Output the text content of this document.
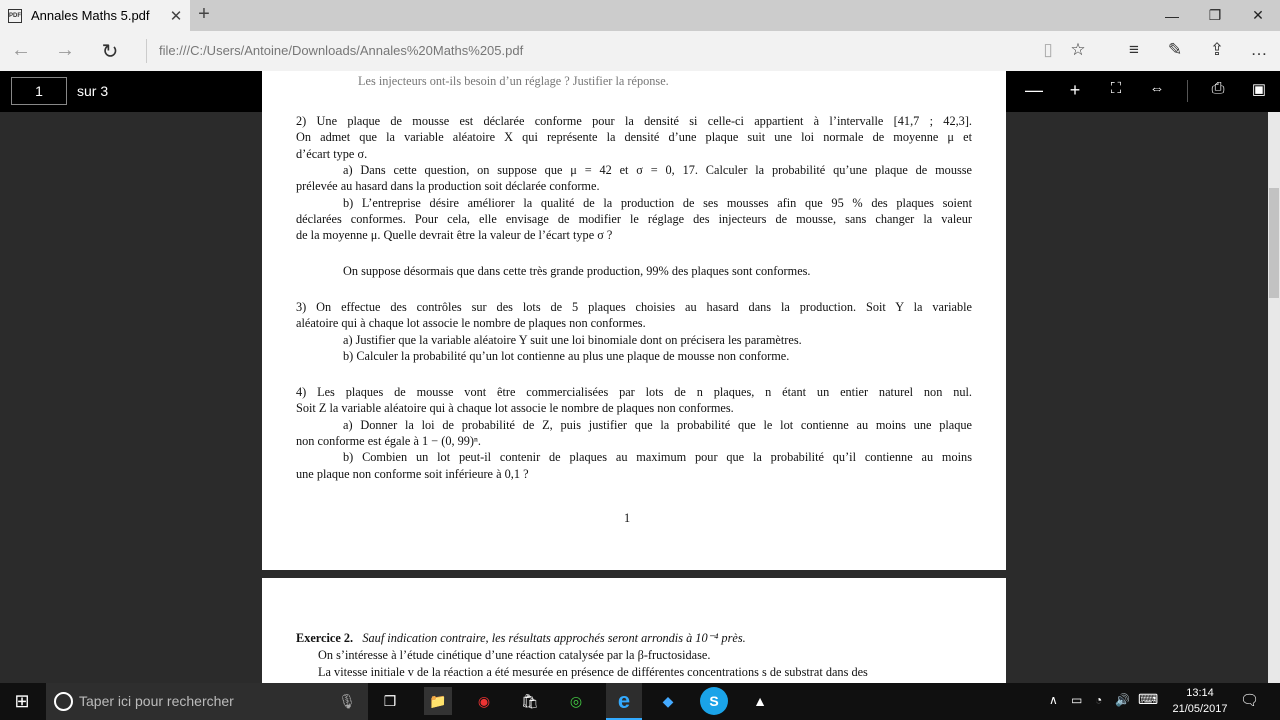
PDF Annales Maths 5.pdf	✕ +	—	❐	✕
← →	↻	file:///C:/Users/Antoine/Downloads/Annales%20Maths%205.pdf	▯	☆	≡	✎ ⇪ …
2) Une plaque de mousse est déclarée conforme pour la densité si celle-ci appartient à l’intervalle [41,7 ; 42,3].
On admet que la variable aléatoire X qui représente la densité d’une plaque suit une loi normale de moyenne μ et
d’écart type σ.
a) Dans cette question, on suppose que μ = 42 et σ = 0, 17. Calculer la probabilité qu’une plaque de mousse
prélevée au hasard dans la production soit déclarée conforme.
b) L’entreprise désire améliorer la qualité de la production de ses mousses afin que 95 % des plaques soient
déclarées conformes. Pour cela, elle envisage de modifier le réglage des injecteurs de mousse, sans changer la valeur
de la moyenne μ. Quelle devrait être la valeur de l’écart type σ ?
On suppose désormais que dans cette très grande production, 99% des plaques sont conformes.
3) On effectue des contrôles sur des lots de 5 plaques choisies au hasard dans la production. Soit Y la variable
aléatoire qui à chaque lot associe le nombre de plaques non conformes.
a) Justifier que la variable aléatoire Y suit une loi binomiale dont on précisera les paramètres.
b) Calculer la probabilité qu’un lot contienne au plus une plaque de mousse non conforme.
4) Les plaques de mousse vont être commercialisées par lots de n plaques, n étant un entier naturel non nul.
Soit Z la variable aléatoire qui à chaque lot associe le nombre de plaques non conformes.
a) Donner la loi de probabilité de Z, puis justifier que la probabilité que le lot contienne au moins une plaque
non conforme est égale à 1 − (0, 99)ⁿ.
b) Combien un lot peut-il contenir de plaques au maximum pour que la probabilité qu’il contienne au moins
une plaque non conforme soit inférieure à 0,1 ?
1
Exercice 2. Sauf indication contraire, les résultats approchés seront arrondis à 10⁻⁴ près.
On s’intéresse à l’étude cinétique d’une réaction catalysée par la β-fructosidase.
La vitesse initiale v de la réaction a été mesurée en présence de différentes concentrations s de substrat dans des
1	sur 3
Les injecteurs ont-ils besoin d’un réglage ? Justifier la réponse.	—	+	⛶	⇔	⎙	▣
⊞	Taper ici pour rechercher	🎙	❒	📁	◉	🛍	◎	e	◆	S	▲	∧ ▭ ◔ 🔊 ⌨	13:14
21/05/2017 🗨
